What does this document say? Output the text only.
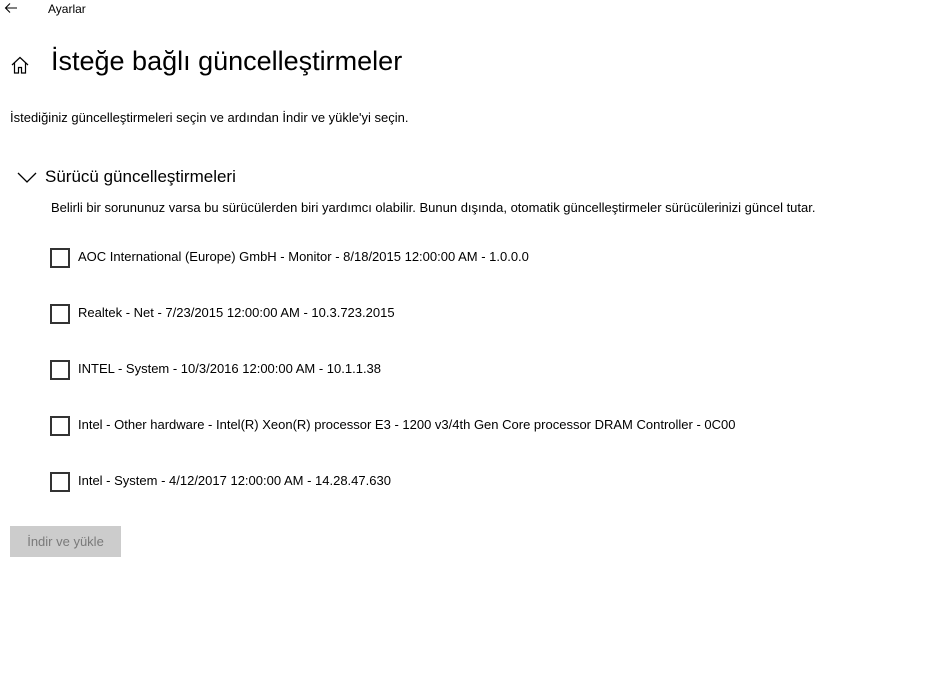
Ayarlar
İsteğe bağlı güncelleştirmeler
İstediğiniz güncelleştirmeleri seçin ve ardından İndir ve yükle'yi seçin.
Sürücü güncelleştirmeleri
Belirli bir sorununuz varsa bu sürücülerden biri yardımcı olabilir. Bunun dışında, otomatik güncelleştirmeler sürücülerinizi güncel tutar.
AOC International (Europe) GmbH - Monitor - 8/18/2015 12:00:00 AM - 1.0.0.0
Realtek - Net - 7/23/2015 12:00:00 AM - 10.3.723.2015
INTEL - System - 10/3/2016 12:00:00 AM - 10.1.1.38
Intel - Other hardware - Intel(R) Xeon(R) processor E3 - 1200 v3/4th Gen Core processor DRAM Controller - 0C00
Intel - System - 4/12/2017 12:00:00 AM - 14.28.47.630
İndir ve yükle
